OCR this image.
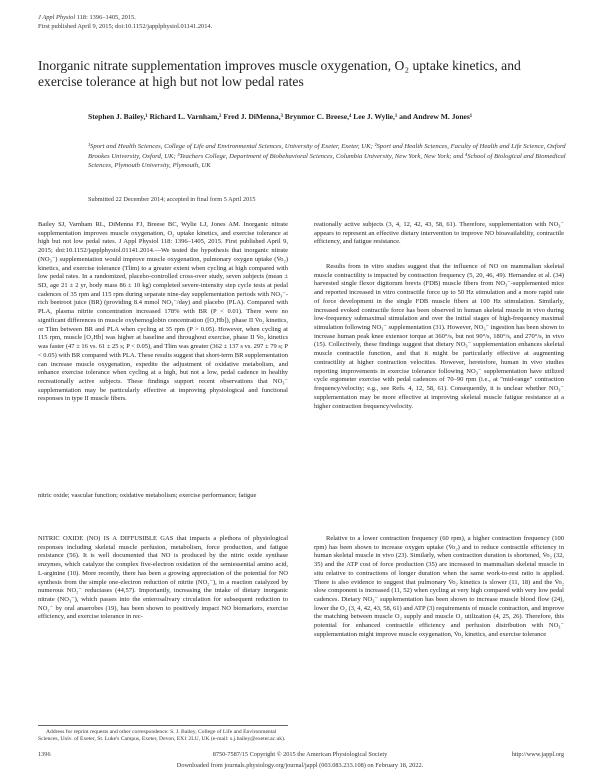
J Appl Physiol 118: 1396–1405, 2015.
First published April 9, 2015; doi:10.1152/japplphysiol.01141.2014.
Inorganic nitrate supplementation improves muscle oxygenation, O₂ uptake kinetics, and exercise tolerance at high but not low pedal rates
Stephen J. Bailey,¹ Richard L. Varnham,² Fred J. DiMenna,³ Brynmor C. Breese,⁴ Lee J. Wylie,¹ and Andrew M. Jones¹
¹Sport and Health Sciences, College of Life and Environmental Sciences, University of Exeter, Exeter, UK; ²Sport and Health Sciences, Faculty of Health and Life Science, Oxford Brookes University, Oxford, UK; ³Teachers College, Department of Biobehavioral Sciences, Columbia University, New York, New York; and ⁴School of Biological and Biomedical Sciences, Plymouth University, Plymouth, UK
Submitted 22 December 2014; accepted in final form 5 April 2015

Bailey SJ, Varnham RL, DiMenna FJ, Breese BC, Wylie LJ, Jones AM. Inorganic nitrate supplementation improves muscle oxygenation, O₂ uptake kinetics, and exercise tolerance at high but not low pedal rates. J Appl Physiol 118: 1396–1405, 2015. First published April 9, 2015; doi:10.1152/japplphysiol.01141.2014.—We tested the hypothesis that inorganic nitrate (NO₃⁻) supplementation would improve muscle oxygenation, pulmonary oxygen uptake (V̇o₂) kinetics, and exercise tolerance (Tlim) to a greater extent when cycling at high compared with low pedal rates. In a randomized, placebo-controlled cross-over study, seven subjects (mean ± SD, age 21 ± 2 yr, body mass 86 ± 10 kg) completed severe-intensity step cycle tests at pedal cadences of 35 rpm and 115 rpm during separate nine-day supplementation periods with NO₃⁻-rich beetroot juice (BR) (providing 8.4 mmol NO₃⁻/day) and placebo (PLA). Compared with PLA, plasma nitrite concentration increased 178% with BR (P < 0.01). There were no significant differences in muscle oxyhemoglobin concentration ([O₂Hb]), phase II V̇o₂ kinetics, or Tlim between BR and PLA when cycling at 35 rpm (P > 0.05). However, when cycling at 115 rpm, muscle [O₂Hb] was higher at baseline and throughout exercise, phase II V̇o₂ kinetics was faster (47 ± 16 vs. 61 ± 25 s; P < 0.05), and Tlim was greater (362 ± 137 s vs. 297 ± 79 s; P < 0.05) with BR compared with PLA. These results suggest that short-term BR supplementation can increase muscle oxygenation, expedite the adjustment of oxidative metabolism, and enhance exercise tolerance when cycling at a high, but not a low, pedal cadence in healthy recreationally active subjects. These findings support recent observations that NO₃⁻ supplementation may be particularly effective at improving physiological and functional responses in type II muscle fibers.

nitric oxide; vascular function; oxidative metabolism; exercise performance; fatigue

NITRIC OXIDE (NO) IS A DIFFUSIBLE GAS that impacts a plethora of physiological responses including skeletal muscle perfusion, metabolism, force production, and fatigue resistance (56). It is well documented that NO is produced by the nitric oxide synthase enzymes, which catalyze the complex five-electron oxidation of the semiessential amino acid, L-arginine (10). More recently, there has been a growing appreciation of the potential for NO synthesis from the simple one-electron reduction of nitrite (NO₂⁻), in a reaction catalyzed by numerous NO₂⁻ reductases (44,57). Importantly, increasing the intake of dietary inorganic nitrate (NO₃⁻), which passes into the enterosalivary circulation for subsequent reduction to NO₂⁻ by oral anaerobes (19), has been shown to positively impact NO biomarkers, exercise efficiency, and exercise tolerance in rec-

Address for reprint requests and other correspondence: S. J. Bailey, College of Life and Environmental Sciences, Univ. of Exeter, St. Luke's Campus, Exeter, Devon, EX1 2LU, UK (e-mail: s.j.bailey@exeter.ac.uk).

reationally active subjects (3, 4, 12, 42, 43, 58, 61). Therefore, supplementation with NO₃⁻ appears to represent an effective dietary intervention to improve NO bioavailability, contractile efficiency, and fatigue resistance.

Results from in vitro studies suggest that the influence of NO on mammalian skeletal muscle contractility is impacted by contraction frequency (5, 20, 46, 49). Hernandez et al. (34) harvested single flexor digitorum brevis (FDB) muscle fibers from NO₃⁻-supplemented mice and reported increased in vitro contractile force up to 50 Hz stimulation and a more rapid rate of force development in the single FDB muscle fibers at 100 Hz stimulation. Similarly, increased evoked contractile force has been observed in human skeletal muscle in vivo during low-frequency submaximal stimulation and over the initial stages of high-frequency maximal stimulation following NO₃⁻ supplementation (31). However, NO₃⁻ ingestion has been shown to increase human peak knee extensor torque at 360°/s, but not 90°/s, 180°/s, and 270°/s, in vivo (15). Collectively, these findings suggest that dietary NO₃⁻ supplementation enhances skeletal muscle contractile function, and that it might be particularly effective at augmenting contractility at higher contraction velocities. However, heretofore, human in vivo studies reporting improvements in exercise tolerance following NO₃⁻ supplementation have utilized cycle ergometer exercise with pedal cadences of 70–90 rpm (i.e., at "mid-range" contraction frequency/velocity; e.g., see Refs. 4, 12, 58, 61). Consequently, it is unclear whether NO₃⁻ supplementation may be more effective at improving skeletal muscle fatigue resistance at a higher contraction frequency/velocity.

Relative to a lower contraction frequency (60 rpm), a higher contraction frequency (100 rpm) has been shown to increase oxygen uptake (V̇o₂) and to reduce contractile efficiency in human skeletal muscle in vivo (23). Similarly, when contraction duration is shortened, V̇o₂ (32, 35) and the ATP cost of force production (35) are increased in mammalian skeletal muscle in situ relative to contractions of longer duration when the same work-to-rest ratio is applied. There is also evidence to suggest that pulmonary V̇o₂ kinetics is slower (11, 18) and the V̇o₂ slow component is increased (11, 52) when cycling at very high compared with very low pedal cadences. Dietary NO₃⁻ supplementation has been shown to increase muscle blood flow (24), lower the O₂ (3, 4, 42, 43, 58, 61) and ATP (3) requirements of muscle contraction, and improve the matching between muscle O₂ supply and muscle O₂ utilization (4, 25, 26). Therefore, this potential for enhanced contractile efficiency and perfusion distribution with NO₃⁻ supplementation might improve muscle oxygenation, V̇o₂ kinetics, and exercise tolerance

1396	8750-7587/15 Copyright © 2015 the American Physiological Society	http://www.jappl.org
Downloaded from journals.physiology.org/journal/jappl (003.083.233.108) on February 18, 2022.
